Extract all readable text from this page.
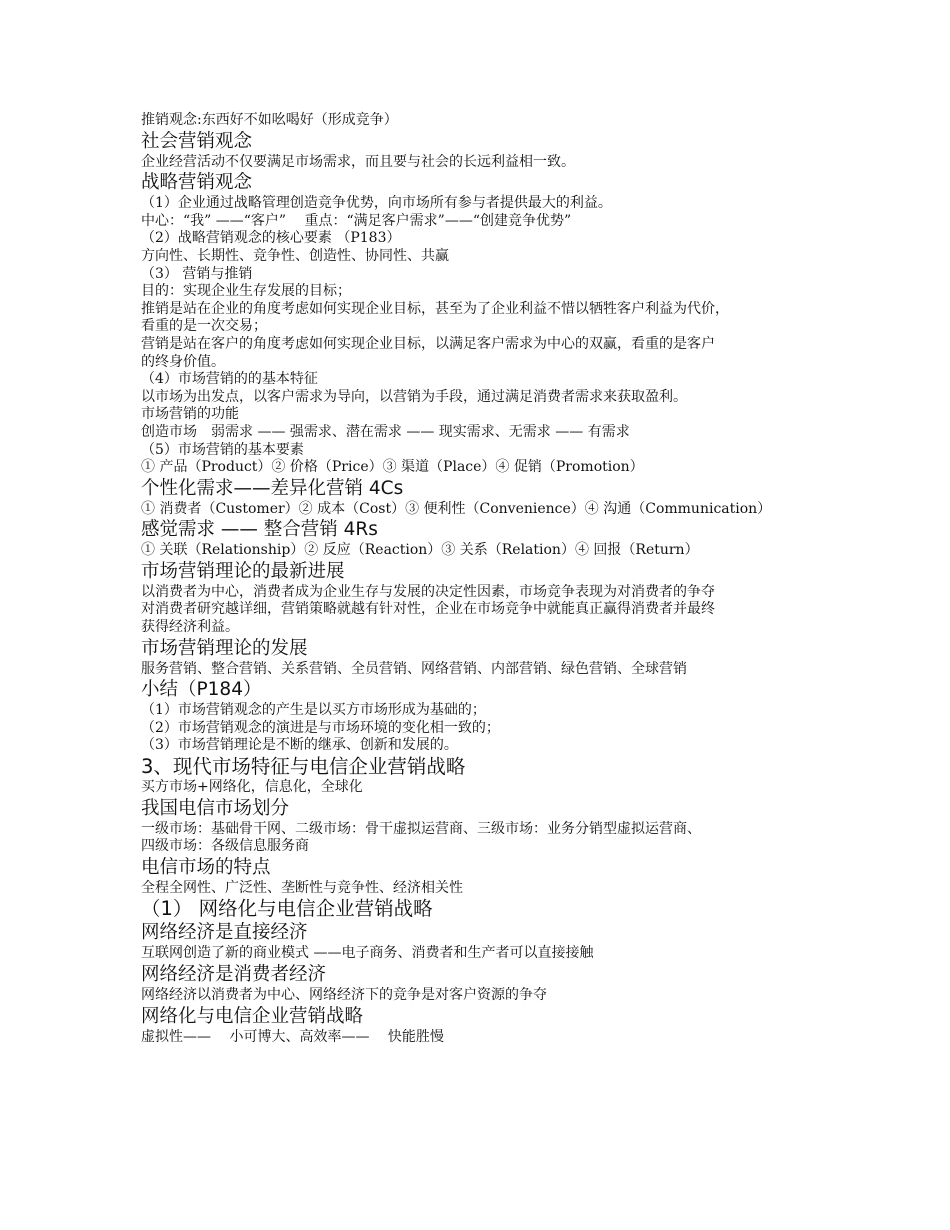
推销观念:东西好不如吆喝好（形成竞争）
社会营销观念
企业经营活动不仅要满足市场需求，而且要与社会的长远利益相一致。
战略营销观念
（1）企业通过战略管理创造竞争优势，向市场所有参与者提供最大的利益。
中心：“我” ——“客户”　 重点：“满足客户需求”——“创建竞争优势”
（2）战略营销观念的核心要素 （P183）
方向性、长期性、竞争性、创造性、协同性、共赢
（3） 营销与推销
目的：实现企业生存发展的目标；
推销是站在企业的角度考虑如何实现企业目标，甚至为了企业利益不惜以牺牲客户利益为代价，
看重的是一次交易；
营销是站在客户的角度考虑如何实现企业目标，以满足客户需求为中心的双赢，看重的是客户
的终身价值。
（4）市场营销的的基本特征
以市场为出发点，以客户需求为导向，以营销为手段，通过满足消费者需求来获取盈利。
市场营销的功能
创造市场　弱需求 —— 强需求、潜在需求 —— 现实需求、无需求 —— 有需求
（5）市场营销的基本要素
① 产品（Product）② 价格（Price）③ 渠道（Place）④ 促销（Promotion）
个性化需求——差异化营销 4Cs
① 消费者（Customer）② 成本（Cost）③ 便利性（Convenience）④ 沟通（Communication）
感觉需求 —— 整合营销 4Rs
① 关联（Relationship）② 反应（Reaction）③ 关系（Relation）④ 回报（Return）
市场营销理论的最新进展
以消费者为中心，消费者成为企业生存与发展的决定性因素，市场竞争表现为对消费者的争夺
对消费者研究越详细，营销策略就越有针对性，企业在市场竞争中就能真正赢得消费者并最终
获得经济利益。
市场营销理论的发展
服务营销、整合营销、关系营销、全员营销、网络营销、内部营销、绿色营销、全球营销
小结（P184）
（1）市场营销观念的产生是以买方市场形成为基础的；
（2）市场营销观念的演进是与市场环境的变化相一致的；
（3）市场营销理论是不断的继承、创新和发展的。
3、现代市场特征与电信企业营销战略
买方市场+网络化，信息化，全球化
我国电信市场划分
一级市场：基础骨干网、二级市场：骨干虚拟运营商、三级市场：业务分销型虚拟运营商、
四级市场：各级信息服务商
电信市场的特点
全程全网性、广泛性、垄断性与竞争性、经济相关性
（1） 网络化与电信企业营销战略
网络经济是直接经济
互联网创造了新的商业模式 ——电子商务、消费者和生产者可以直接接触
网络经济是消费者经济
网络经济以消费者为中心、网络经济下的竞争是对客户资源的争夺
网络化与电信企业营销战略
虚拟性——　 小可博大、高效率——　 快能胜慢
